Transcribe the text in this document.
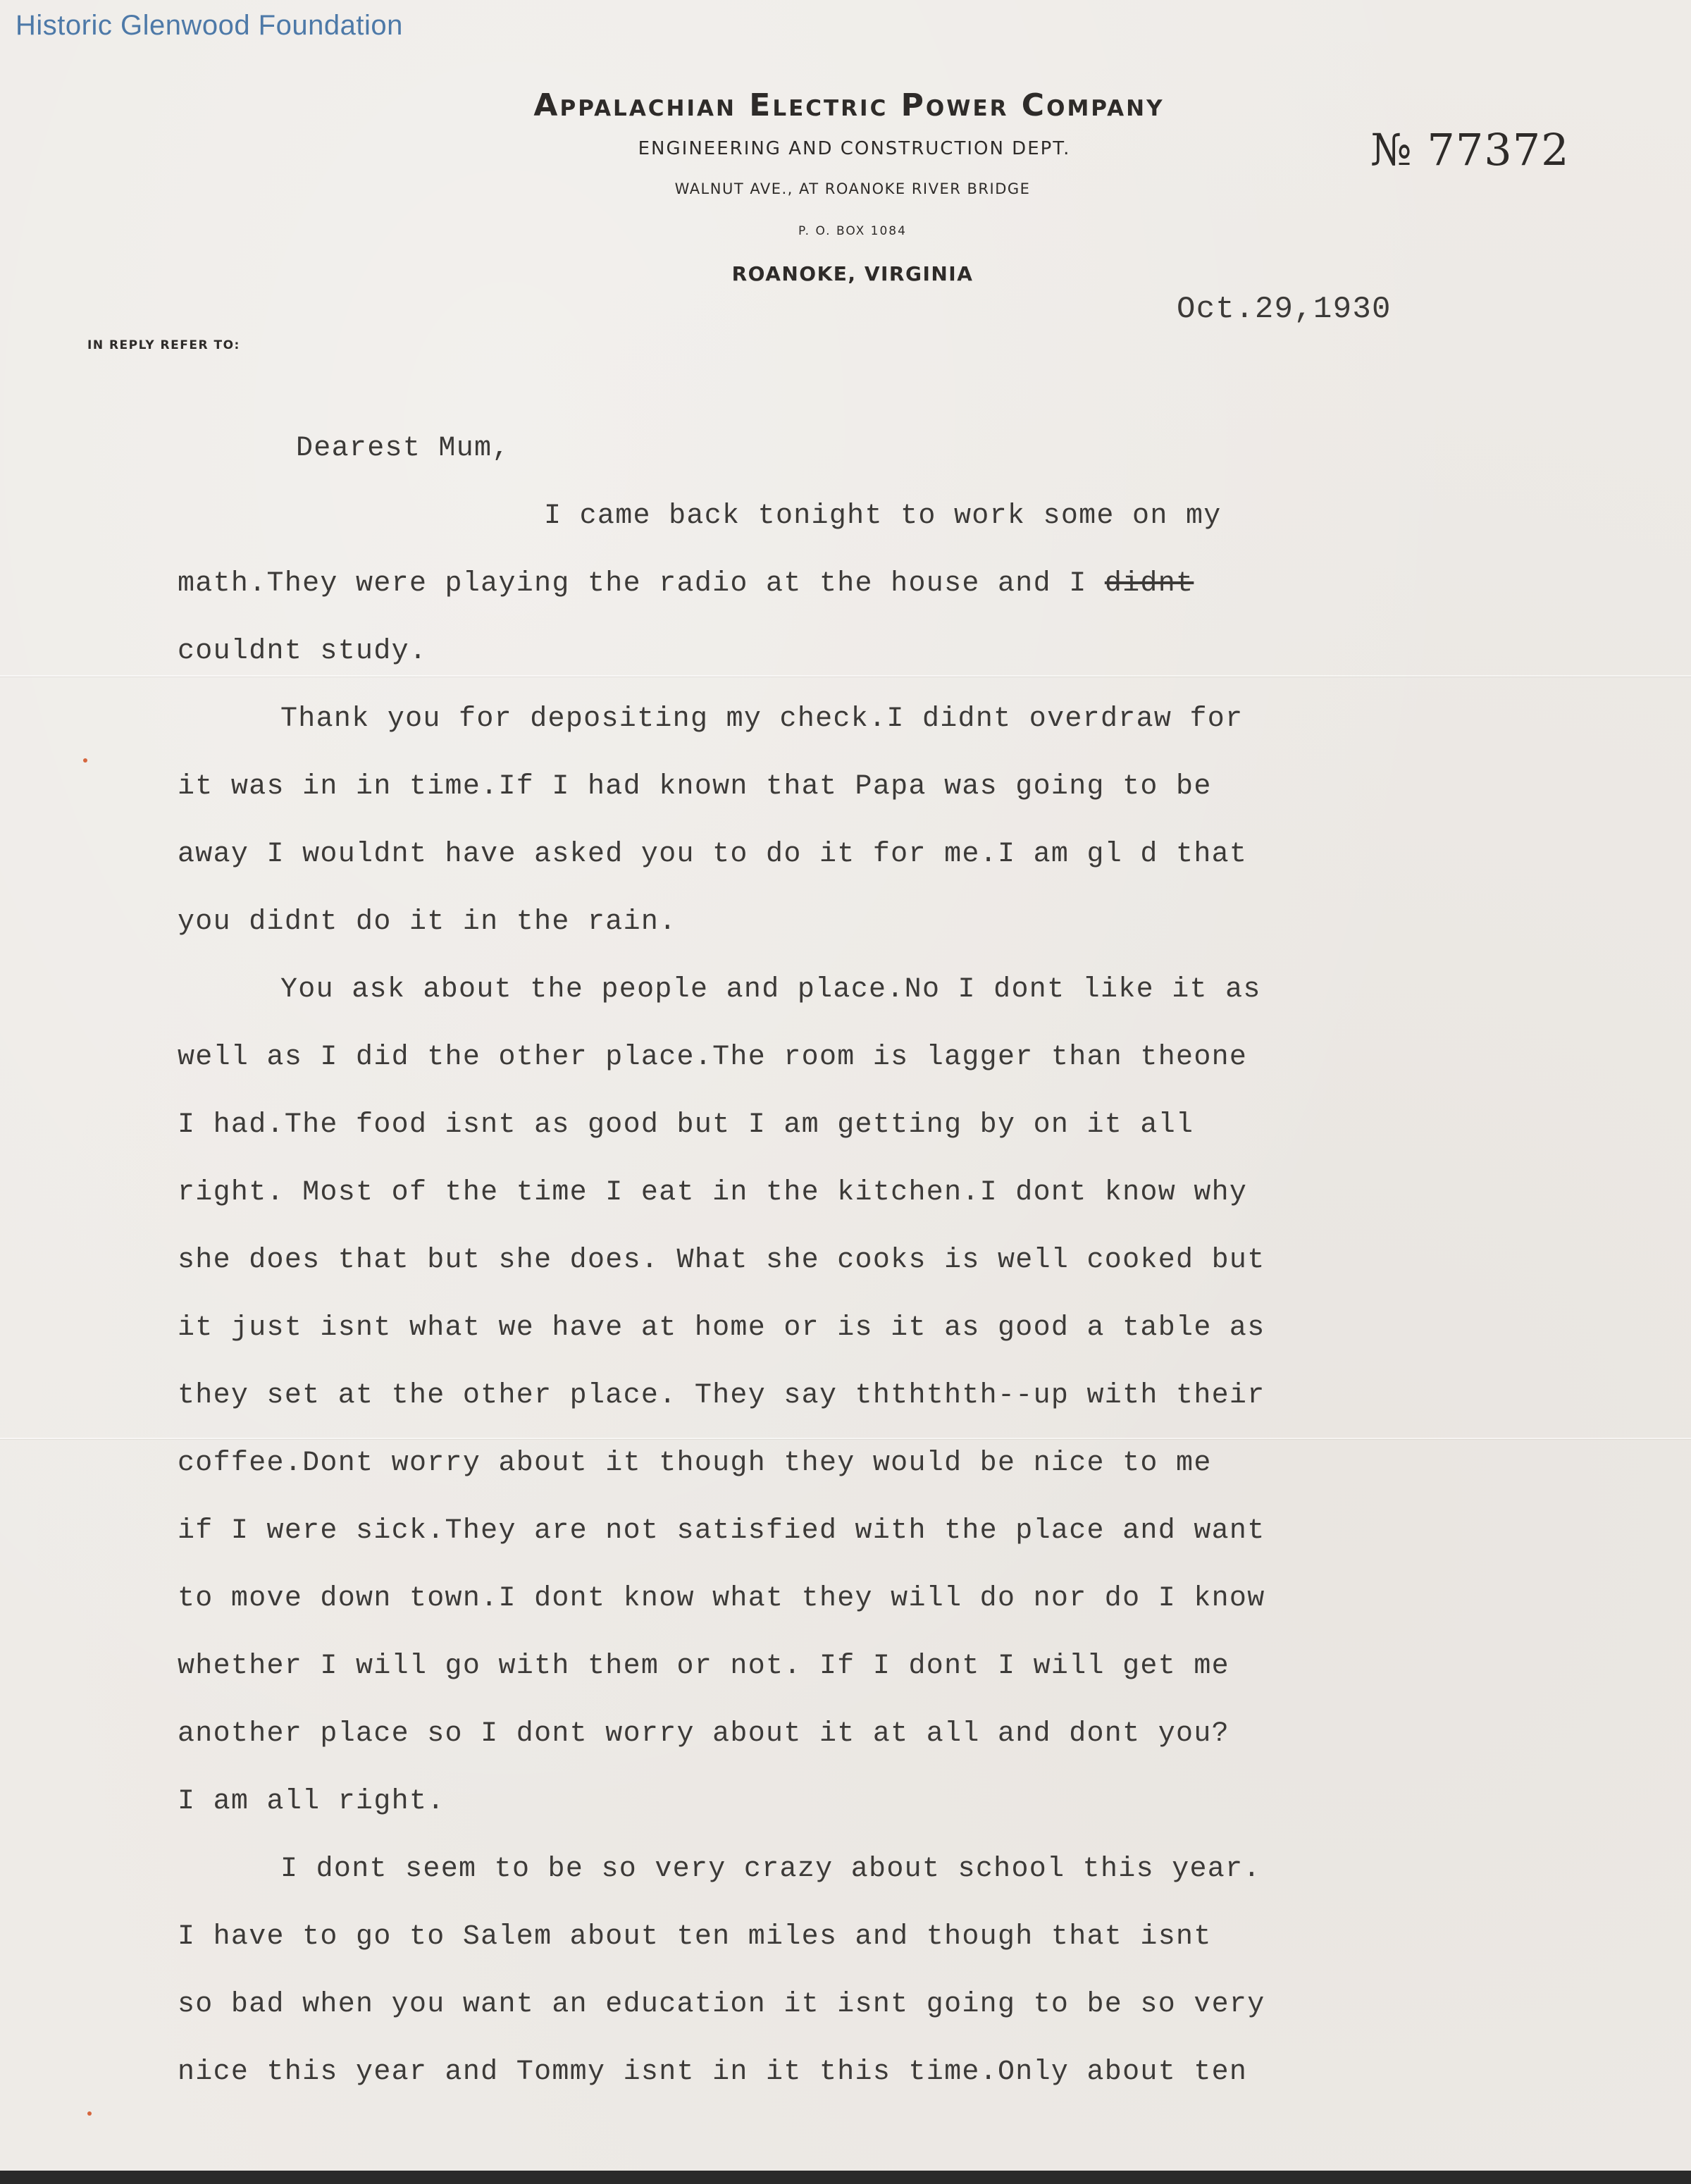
Historic Glenwood Foundation
Appalachian Electric Power Company
ENGINEERING AND CONSTRUCTION DEPT.
WALNUT AVE., AT ROANOKE RIVER BRIDGE
P. O. BOX 1084
ROANOKE, VIRGINIA
№ 77372
IN REPLY REFER TO:
Oct.29,1930
Dearest Mum,
I came back tonight to work some on my
math.They were playing the radio at the house and I didnt
couldnt study.
Thank you for depositing my check.I didnt overdraw for
it was in in time.If I had known that Papa was going to be
away I wouldnt have asked you to do it for me.I am gl d that
you didnt do it in the rain.
You ask about the people and place.No I dont like it as
well as I did the other place.The room is lagger than theone
I had.The food isnt as good but I am getting by on it all
right. Most of the time I eat in the kitchen.I dont know why
she does that but she does. What she cooks is well cooked but
it just isnt what we have at home or is it as good a table as
they set at the other place. They say thththth--up with their
coffee.Dont worry about it though they would be nice to me
if I were sick.They are not satisfied with the place and want
to move down town.I dont know what they will do nor do I know
whether I will go with them or not. If I dont I will get me
another place so I dont worry about it at all and dont you?
I am all right.
I dont seem to be so very crazy about school this year.
I have to go to Salem about ten miles and though that isnt
so bad when you want an education it isnt going to be so very
nice this year and Tommy isnt in it this time.Only about ten
